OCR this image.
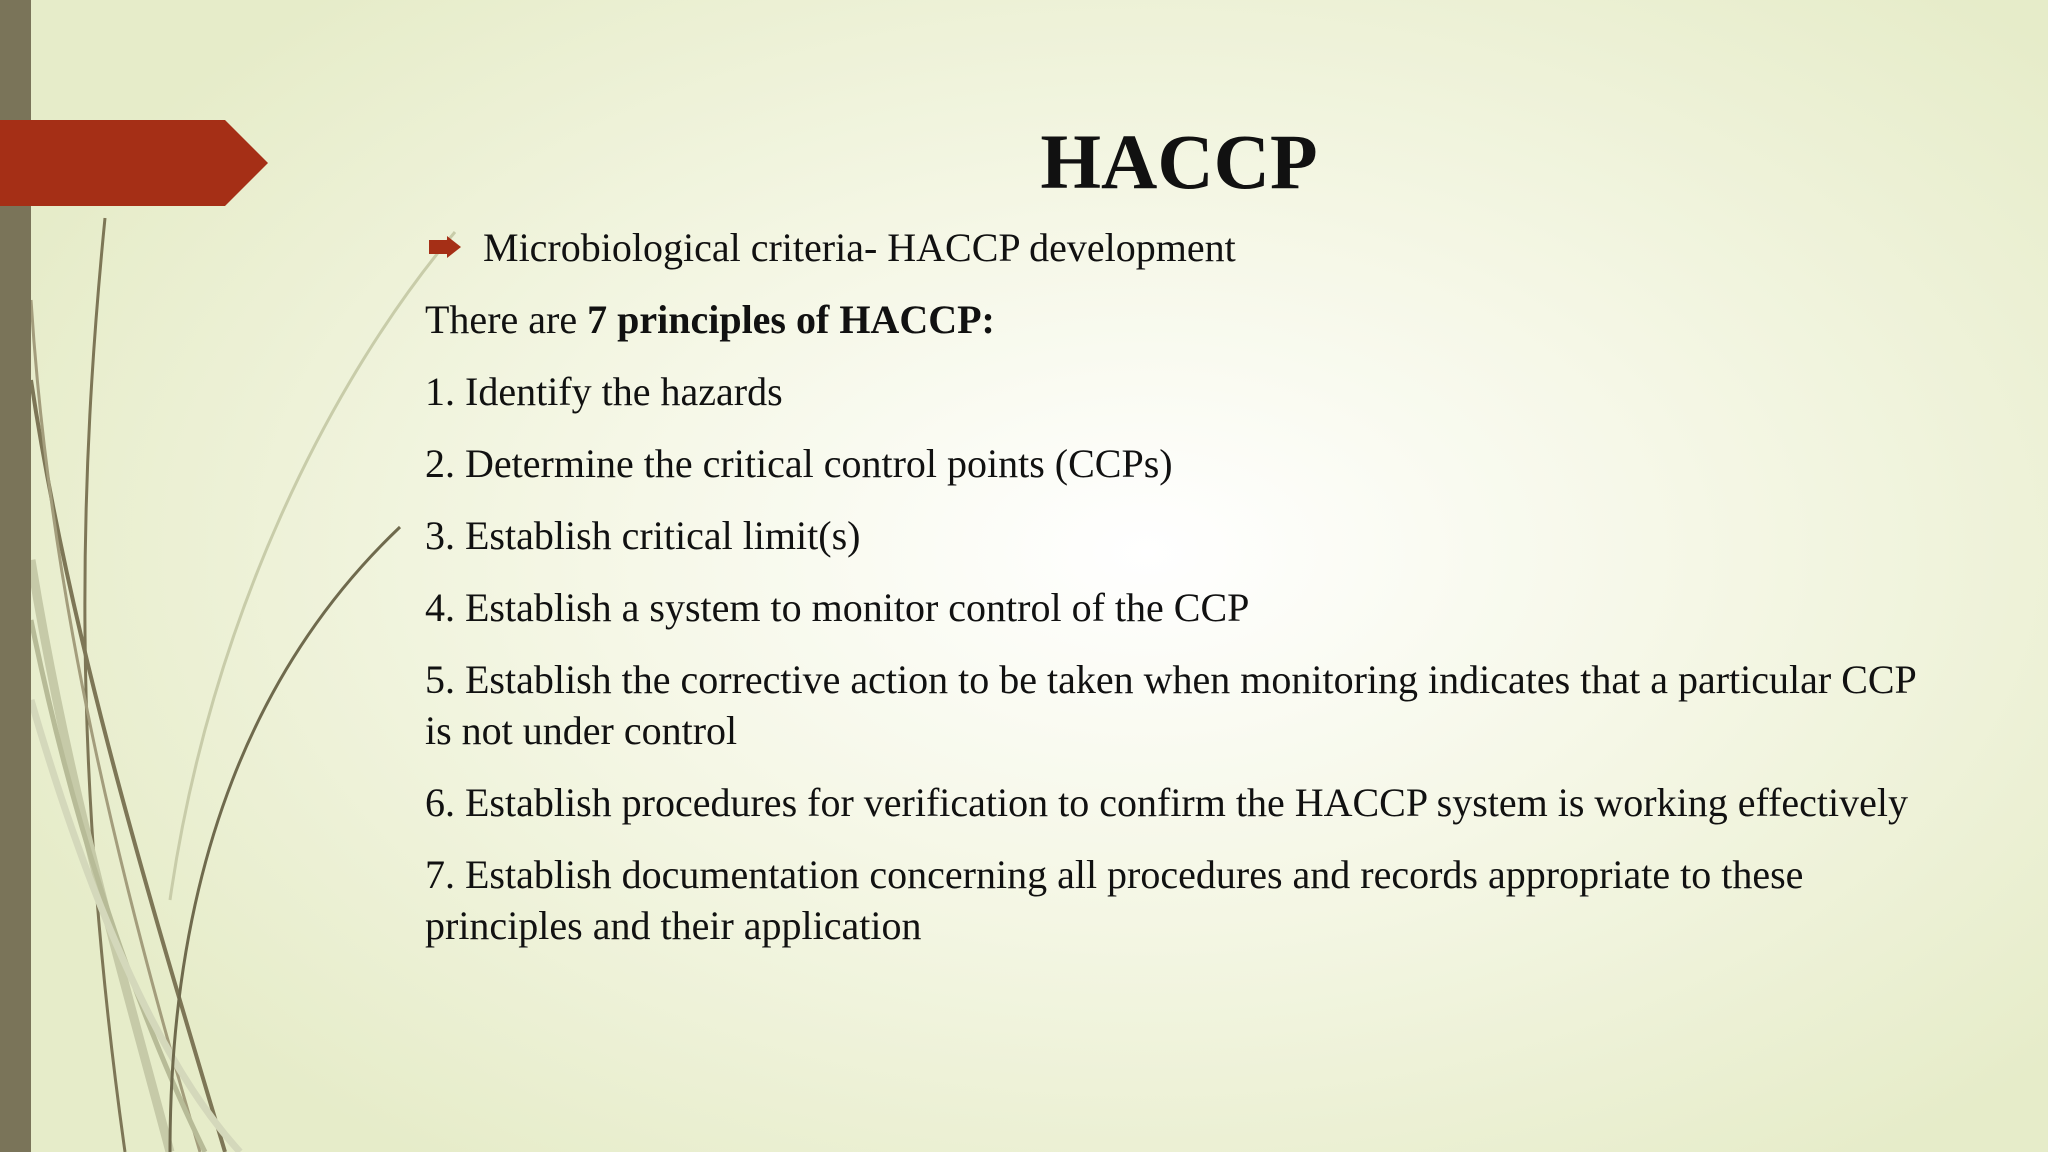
HACCP
Microbiological criteria- HACCP development

There are 7 principles of HACCP:

1. Identify the hazards

2. Determine the critical control points (CCPs)

3. Establish critical limit(s)

4. Establish a system to monitor control of the CCP

5. Establish the corrective action to be taken when monitoring indicates that a particular CCP is not under control

6. Establish procedures for verification to confirm the HACCP system is working effectively

7. Establish documentation concerning all procedures and records appropriate to these principles and their application
